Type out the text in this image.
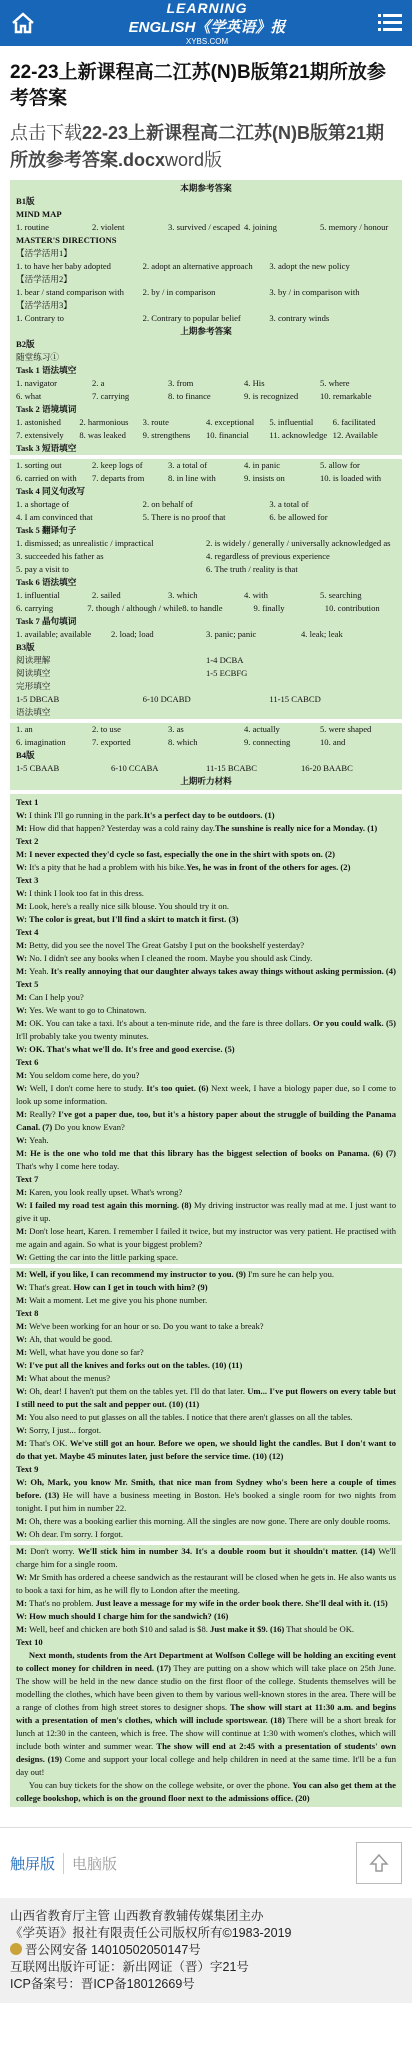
LEARNING
ENGLISH《学英语》报
XYBS.COM
22-23上新课程高二江苏(N)B版第21期所放参考答案
点击下载22-23上新课程高二江苏(N)B版第21期所放参考答案.docxword版
本期参考答案
B1版
MIND MAP
1. routine	2. violent	3. survived / escaped 4. joining	5. memory / honour
MASTER'S DIRECTIONS
【活学活用1】
1. to have her baby adopted	2. adopt an alternative approach	3. adopt the new policy
【活学活用2】
1. bear / stand comparison with	2. by / in comparison	3. by / in comparison with
【活学活用3】
1. Contrary to	2. Contrary to popular belief	3. contrary winds
上期参考答案
B2版
随堂练习①
Task 1 语法填空
1. navigator	2. a	3. from	4. His	5. where
6. what	7. carrying	8. to finance	9. is recognized	10. remarkable
Task 2 语境填词
1. astonished	2. harmonious	3. route	4. exceptional	5. influential	6. facilitated
7. extensively	8. was leaked	9. strengthens	10. financial	11. acknowledge 12. Available
Task 3 短语填空
1. sorting out	2. keep logs of	3. a total of	4. in panic	5. allow for
6. carried on with	7. departs from	8. in line with	9. insists on	10. is loaded with
Task 4 同义句改写
1. a shortage of	2. on behalf of	3. a total of
4. I am convinced that	5. There is no proof that	6. be allowed for
Task 5 翻译句子
1. dismissed; as unrealistic / impractical	2. is widely / generally / universally acknowledged as
3. succeeded his father as	4. regardless of previous experience
5. pay a visit to	6. The truth / reality is that
Task 6 语法填空
1. influential	2. sailed	3. which	4. with	5. searching
6. carrying	7. though / although / while 8. to handle	9. finally	10. contribution
Task 7 晶句填词
1. available; available	2. load; load	3. panic; panic	4. leak; leak
B3版
阅读理解	1-4 DCBA
阅读填空	1-5 ECBFG
完形填空
1-5 DBCAB	6-10 DCABD	11-15 CABCD
语法填空
1. an	2. to use	3. as	4. actually	5. were shaped
6. imagination	7. exported	8. which	9. connecting	10. and
B4版
1-5 CBAAB	6-10 CCABA	11-15 BCABC	16-20 BAABC
上期听力材料

Text 1

W: I think I'll go running in the park.It's a perfect day to be outdoors. (1)

M: How did that happen? Yesterday was a cold rainy day.The sunshine is really nice for a Monday. (1)

Text 2

M: I never expected they'd cycle so fast, especially the one in the shirt with spots on. (2)

W: It's a pity that he had a problem with his bike.Yes, he was in front of the others for ages. (2)

Text 3

W: I think I look too fat in this dress.

M: Look, here's a really nice silk blouse. You should try it on.

W: The color is great, but I'll find a skirt to match it first. (3)

Text 4

M: Betty, did you see the novel The Great Gatsby I put on the bookshelf yesterday?

W: No. I didn't see any books when I cleaned the room. Maybe you should ask Cindy.

M: Yeah. It's really annoying that our daughter always takes away things without asking permission. (4)

Text 5

M: Can I help you?

W: Yes. We want to go to Chinatown.

M: OK. You can take a taxi. It's about a ten-minute ride, and the fare is three dollars. Or you could walk. (5) It'll probably take you twenty minutes.

W: OK. That's what we'll do. It's free and good exercise. (5)

Text 6

M: You seldom come here, do you?

W: Well, I don't come here to study. It's too quiet. (6) Next week, I have a biology paper due, so I come to look up some information.

M: Really? I've got a paper due, too, but it's a history paper about the struggle of building the Panama Canal. (7) Do you know Evan?

W: Yeah.

M: He is the one who told me that this library has the biggest selection of books on Panama. (6) (7) That's why I come here today.

Text 7

M: Karen, you look really upset. What's wrong?

W: I failed my road test again this morning. (8) My driving instructor was really mad at me. I just want to give it up.

M: Don't lose heart, Karen. I remember I failed it twice, but my instructor was very patient. He practised with me again and again. So what is your biggest problem?

W: Getting the car into the little parking space.

M: Well, if you like, I can recommend my instructor to you. (9) I'm sure he can help you.

W: That's great. How can I get in touch with him? (9)

M: Wait a moment. Let me give you his phone number.

Text 8

M: We've been working for an hour or so. Do you want to take a break?

W: Ah, that would be good.

M: Well, what have you done so far?

W: I've put all the knives and forks out on the tables. (10) (11)

M: What about the menus?

W: Oh, dear! I haven't put them on the tables yet. I'll do that later. Um... I've put flowers on every table but I still need to put the salt and pepper out. (10) (11)

M: You also need to put glasses on all the tables. I notice that there aren't glasses on all the tables.

W: Sorry, I just... forgot.

M: That's OK. We've still got an hour. Before we open, we should light the candles. But I don't want to do that yet. Maybe 45 minutes later, just before the service time. (10) (12)

Text 9

W: Oh, Mark, you know Mr. Smith, that nice man from Sydney who's been here a couple of times before. (13) He will have a business meeting in Boston. He's booked a single room for two nights from tonight. I put him in number 22.

M: Oh, there was a booking earlier this morning. All the singles are now gone. There are only double rooms.

W: Oh dear. I'm sorry. I forgot.

M: Don't worry. We'll stick him in number 34. It's a double room but it shouldn't matter. (14) We'll charge him for a single room.

W: Mr Smith has ordered a cheese sandwich as the restaurant will be closed when he gets in. He also wants us to book a taxi for him, as he will fly to London after the meeting.

M: That's no problem. Just leave a message for my wife in the order book there. She'll deal with it. (15)

W: How much should I charge him for the sandwich? (16)

M: Well, beef and chicken are both $10 and salad is $8. Just make it $9. (16) That should be OK.

Text 10

Next month, students from the Art Department at Wolfson College will be holding an exciting event to collect money for children in need. (17) They are putting on a show which will take place on 25th June. The show will be held in the new dance studio on the first floor of the college. Students themselves will be modelling the clothes, which have been given to them by various well-known stores in the area. There will be a range of clothes from high street stores to designer shops. The show will start at 11:30 a.m. and begins with a presentation of men's clothes, which will include sportswear. (18) There will be a short break for lunch at 12:30 in the canteen, which is free. The show will continue at 1:30 with women's clothes, which will include both winter and summer wear. The show will end at 2:45 with a presentation of students' own designs. (19) Come and support your local college and help children in need at the same time. It'll be a fun day out!

You can buy tickets for the show on the college website, or over the phone. You can also get them at the college bookshop, which is on the ground floor next to the admissions office. (20)

触屏版	电脑版
山西省教育厅主管 山西教育教辅传媒集团主办
《学英语》报社有限责任公司版权所有©1983-2019
晋公网安备 14010502050147号
互联网出版许可证：新出网证（晋）字21号
ICP备案号：晋ICP备18012669号
